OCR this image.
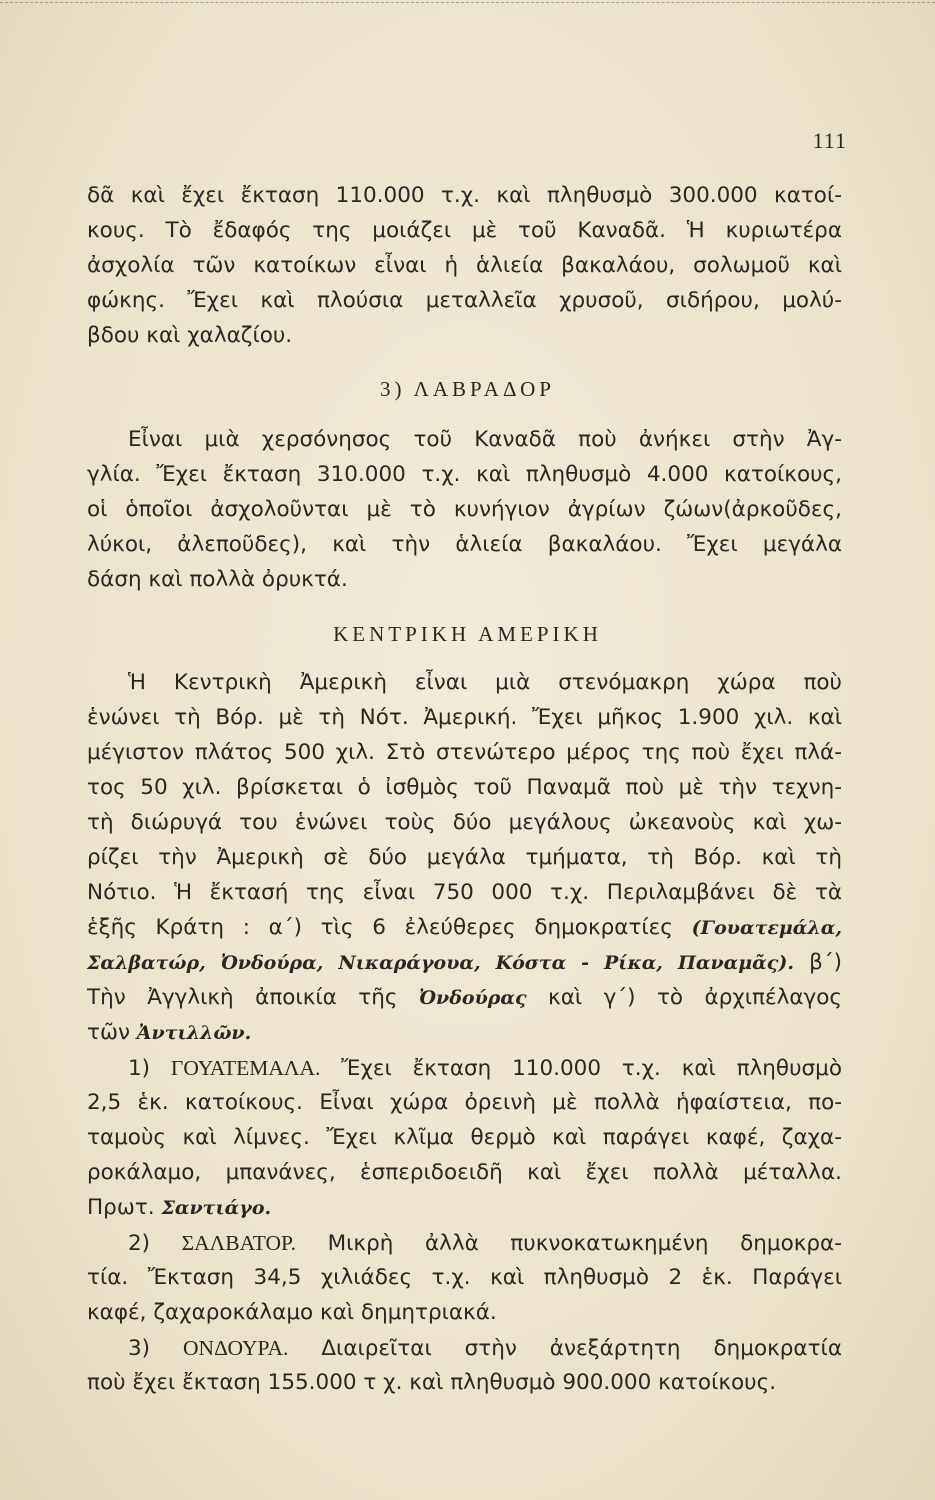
111
δᾶ καὶ ἔχει ἔκταση 110.000 τ.χ. καὶ πληθυσμὸ 300.000 κατοί-
κους. Τὸ ἔδαφός της μοιάζει μὲ τοῦ Καναδᾶ. Ἡ κυριωτέρα
ἀσχολία τῶν κατοίκων εἶναι ἡ ἁλιεία βακαλάου, σολωμοῦ καὶ
φώκης. Ἔχει καὶ πλούσια μεταλλεῖα χρυσοῦ, σιδήρου, μολύ-
βδου καὶ χαλαζίου.
3) ΛΑΒΡΑΔΟΡ
Εἶναι μιὰ χερσόνησος τοῦ Καναδᾶ ποὺ ἀνήκει στὴν Ἀγ-
γλία. Ἔχει ἔκταση 310.000 τ.χ. καὶ πληθυσμὸ 4.000 κατοίκους,
οἱ ὁποῖοι ἀσχολοῦνται μὲ τὸ κυνήγιον ἀγρίων ζώων(ἀρκοῦδες,
λύκοι, ἀλεποῦδες), καὶ τὴν ἁλιεία βακαλάου. Ἔχει μεγάλα
δάση καὶ πολλὰ ὀρυκτά.
ΚΕΝΤΡΙΚΗ ΑΜΕΡΙΚΗ
Ἡ Κεντρικὴ Ἀμερικὴ εἶναι μιὰ στενόμακρη χώρα ποὺ
ἑνώνει τὴ Βόρ. μὲ τὴ Νότ. Ἀμερική. Ἔχει μῆκος 1.900 χιλ. καὶ
μέγιστον πλάτος 500 χιλ. Στὸ στενώτερο μέρος της ποὺ ἔχει πλά-
τος 50 χιλ. βρίσκεται ὁ ἰσθμὸς τοῦ Παναμᾶ ποὺ μὲ τὴν τεχνη-
τὴ διώρυγά του ἑνώνει τοὺς δύο μεγάλους ὠκεανοὺς καὶ χω-
ρίζει τὴν Ἀμερικὴ σὲ δύο μεγάλα τμήματα, τὴ Βόρ. καὶ τὴ
Νότιο. Ἡ ἔκτασή της εἶναι 750 000 τ.χ. Περιλαμβάνει δὲ τὰ
ἑξῆς Κράτη : α΄) τὶς 6 ἐλεύθερες δημοκρατίες (Γουατεμάλα,
Σαλβατώρ, Ὀνδούρα, Νικαράγουα, Κόστα - Ρίκα, Παναμᾶς). β΄)
Τὴν Ἀγγλικὴ ἀποικία τῆς Ὀνδούρας καὶ γ΄) τὸ ἀρχιπέλαγος
τῶν Ἀντιλλῶν.
1) ΓΟΥΑΤΕΜΑΛΑ. Ἔχει ἔκταση 110.000 τ.χ. καὶ πληθυσμὸ
2,5 ἑκ. κατοίκους. Εἶναι χώρα ὀρεινὴ μὲ πολλὰ ἡφαίστεια, πο-
ταμοὺς καὶ λίμνες. Ἔχει κλῖμα θερμὸ καὶ παράγει καφέ, ζαχα-
ροκάλαμο, μπανάνες, ἑσπεριδοειδῆ καὶ ἔχει πολλὰ μέταλλα.
Πρωτ. Σαντιάγο.
2) ΣΑΛΒΑΤΟΡ. Μικρὴ ἀλλὰ πυκνοκατωκημένη δημοκρα-
τία. Ἔκταση 34,5 χιλιάδες τ.χ. καὶ πληθυσμὸ 2 ἑκ. Παράγει
καφέ, ζαχαροκάλαμο καὶ δημητριακά.
3) ΟΝΔΟΥΡΑ. Διαιρεῖται στὴν ἀνεξάρτητη δημοκρατία
ποὺ ἔχει ἔκταση 155.000 τ χ. καὶ πληθυσμὸ 900.000 κατοίκους.
